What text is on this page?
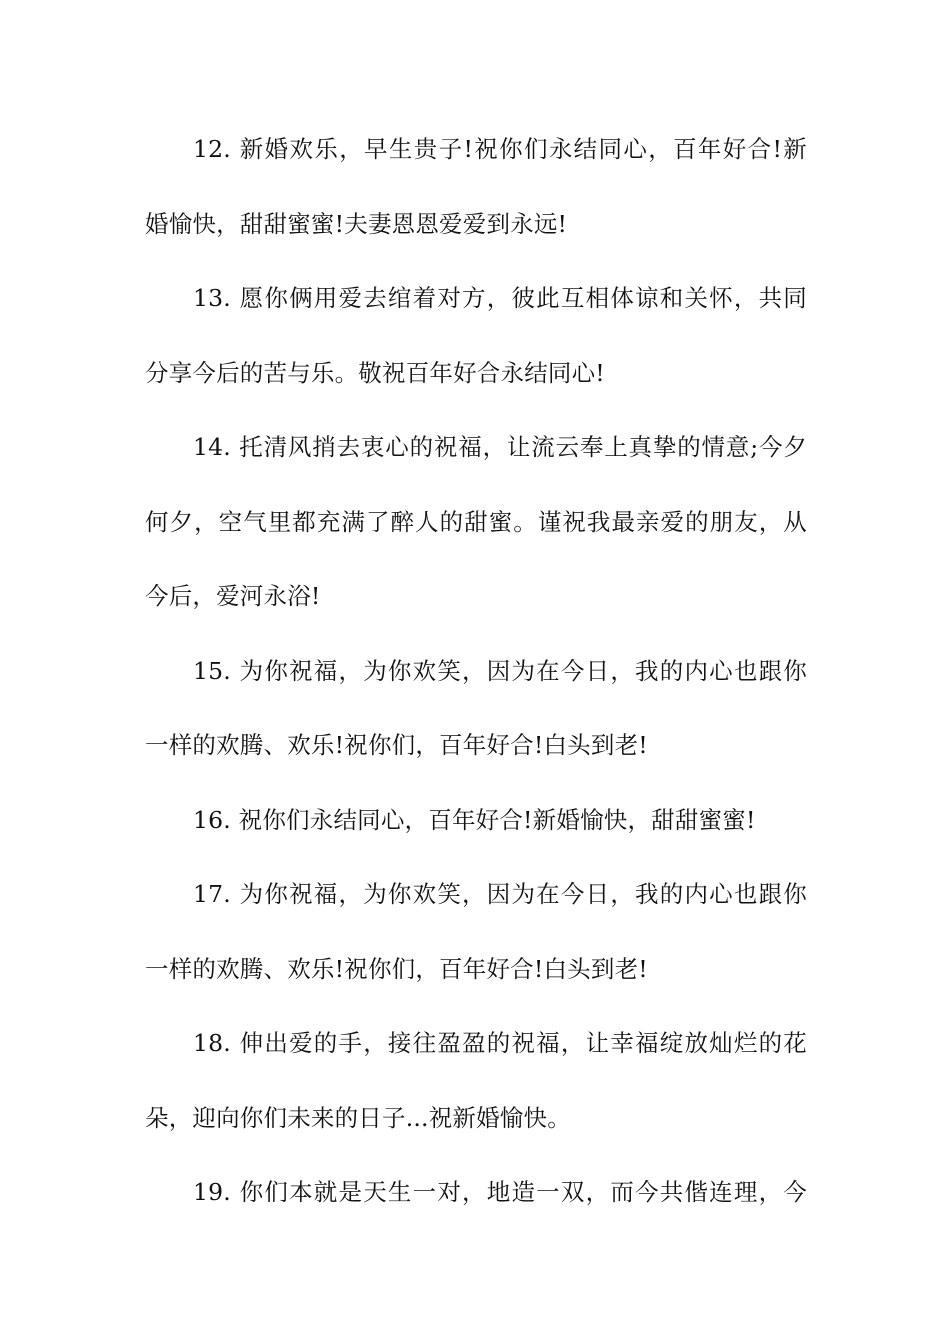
12. 新婚欢乐，早生贵子!祝你们永结同心，百年好合!新
婚愉快，甜甜蜜蜜!夫妻恩恩爱爱到永远!
13. 愿你俩用爱去绾着对方，彼此互相体谅和关怀，共同
分享今后的苦与乐。敬祝百年好合永结同心!
14. 托清风捎去衷心的祝福，让流云奉上真挚的情意;今夕
何夕，空气里都充满了醉人的甜蜜。谨祝我最亲爱的朋友，从
今后，爱河永浴!
15. 为你祝福，为你欢笑，因为在今日，我的内心也跟你
一样的欢腾、欢乐!祝你们，百年好合!白头到老!
16. 祝你们永结同心，百年好合!新婚愉快，甜甜蜜蜜!
17. 为你祝福，为你欢笑，因为在今日，我的内心也跟你
一样的欢腾、欢乐!祝你们，百年好合!白头到老!
18. 伸出爱的手，接往盈盈的祝福，让幸福绽放灿烂的花
朵，迎向你们未来的日子...祝新婚愉快。
19. 你们本就是天生一对，地造一双，而今共偕连理，今
